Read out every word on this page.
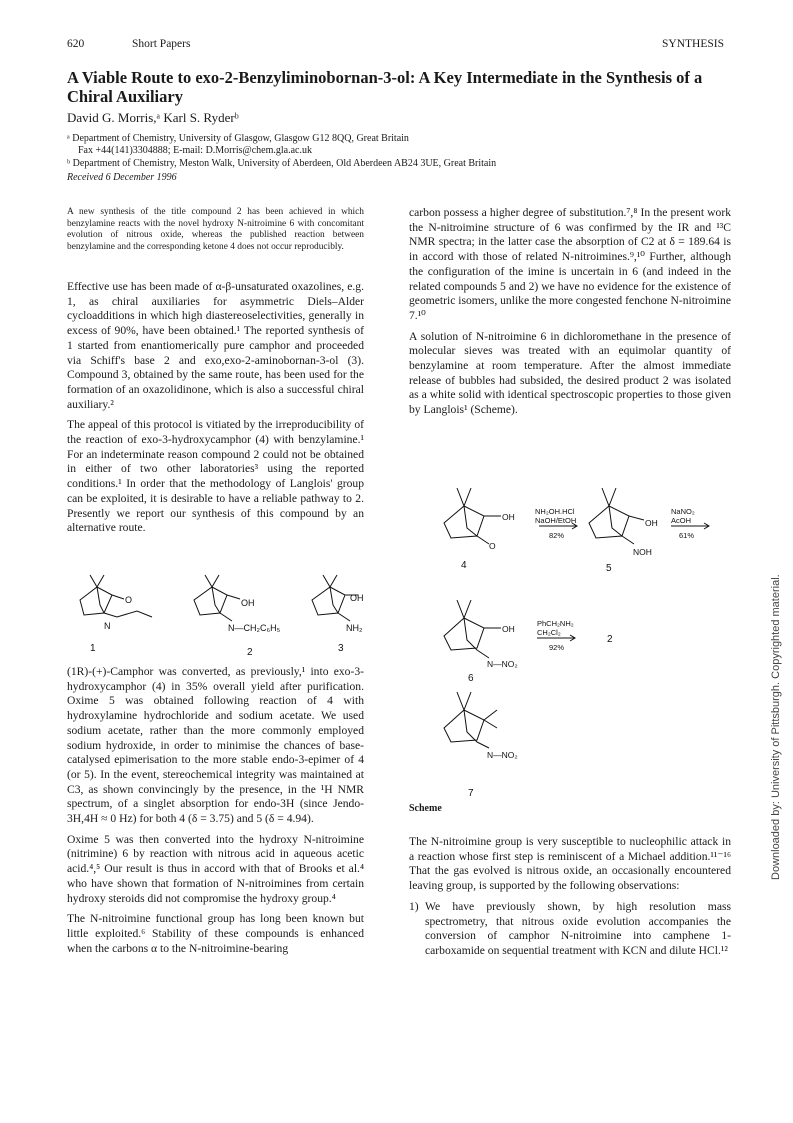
620	Short Papers	SYNTHESIS
A Viable Route to exo-2-Benzyliminobornan-3-ol: A Key Intermediate in the Synthesis of a Chiral Auxiliary
David G. Morris,ᵃ Karl S. Ryderᵇ
ᵃ Department of Chemistry, University of Glasgow, Glasgow G12 8QQ, Great Britain
Fax +44(141)3304888; E-mail: D.Morris@chem.gla.ac.uk
ᵇ Department of Chemistry, Meston Walk, University of Aberdeen, Old Aberdeen AB24 3UE, Great Britain
Received 6 December 1996
A new synthesis of the title compound 2 has been achieved in which benzylamine reacts with the novel hydroxy N-nitroimine 6 with concomitant evolution of nitrous oxide, whereas the published reaction between benzylamine and the corresponding ketone 4 does not occur reproducibly.

Effective use has been made of α-β-unsaturated oxazolines, e.g. 1, as chiral auxiliaries for asymmetric Diels–Alder cycloadditions in which high diastereoselectivities, generally in excess of 90%, have been obtained.¹ The reported synthesis of 1 started from enantiomerically pure camphor and proceeded via Schiff's base 2 and exo,exo-2-aminobornan-3-ol (3). Compound 3, obtained by the same route, has been used for the formation of an oxazolidinone, which is also a successful chiral auxiliary.²

The appeal of this protocol is vitiated by the irreproducibility of the reaction of exo-3-hydroxycamphor (4) with benzylamine.¹ For an indeterminate reason compound 2 could not be obtained in either of two other laboratories³ using the reported conditions.¹ In order that the methodology of Langlois' group can be exploited, it is desirable to have a reliable pathway to 2. Presently we report our synthesis of this compound by an alternative route.

O
N
OH
N—CH₂C₆H₅
OH
NH₂
1	2	3

(1R)-(+)-Camphor was converted, as previously,¹ into exo-3-hydroxycamphor (4) in 35% overall yield after purification. Oxime 5 was obtained following reaction of 4 with hydroxylamine hydrochloride and sodium acetate. We used sodium acetate, rather than the more commonly employed sodium hydroxide, in order to minimise the chances of base-catalysed epimerisation to the more stable endo-3-epimer of 4 (or 5). In the event, stereochemical integrity was maintained at C3, as shown convincingly by the presence, in the ¹H NMR spectrum, of a singlet absorption for endo-3H (since Jendo-3H,4H ≈ 0 Hz) for both 4 (δ = 3.75) and 5 (δ = 4.94).

Oxime 5 was then converted into the hydroxy N-nitroimine (nitrimine) 6 by reaction with nitrous acid in aqueous acetic acid.⁴,⁵ Our result is thus in accord with that of Brooks et al.⁴ who have shown that formation of N-nitroimines from certain hydroxy steroids did not compromise the hydroxy group.⁴

The N-nitroimine functional group has long been known but little exploited.⁶ Stability of these compounds is enhanced when the carbons α to the N-nitroimine-bearing

carbon possess a higher degree of substitution.⁷,⁸ In the present work the N-nitroimine structure of 6 was confirmed by the IR and ¹³C NMR spectra; in the latter case the absorption of C2 at δ = 189.64 is in accord with those of related N-nitroimines.⁹,¹⁰ Further, although the configuration of the imine is uncertain in 6 (and indeed in the related compounds 5 and 2) we have no evidence for the existence of geometric isomers, unlike the more congested fenchone N-nitroimine 7.¹⁰

A solution of N-nitroimine 6 in dichloromethane in the presence of molecular sieves was treated with an equimolar quantity of benzylamine at room temperature. After the almost immediate release of bubbles had subsided, the desired product 2 was isolated as a white solid with identical spectroscopic properties to those given by Langlois¹ (Scheme).

OH
O
OH
NOH
OH
N—NO₂
N—NO₂
NH₂OH.HCl
NaOH/EtOH
82%
NaNO₂
AcOH
61%
PhCH₂NH₂
CH₂Cl₂
92%
4	5
6
7
2
Scheme

The N-nitroimine group is very susceptible to nucleophilic attack in a reaction whose first step is reminiscent of a Michael addition.¹¹⁻¹⁶ That the gas evolved is nitrous oxide, an occasionally encountered leaving group, is supported by the following observations:

1) We have previously shown, by high resolution mass spectrometry, that nitrous oxide evolution accompanies the conversion of camphor N-nitroimine into camphene 1-carboxamide on sequential treatment with KCN and dilute HCl.¹²
Downloaded by: University of Pittsburgh. Copyrighted material.
